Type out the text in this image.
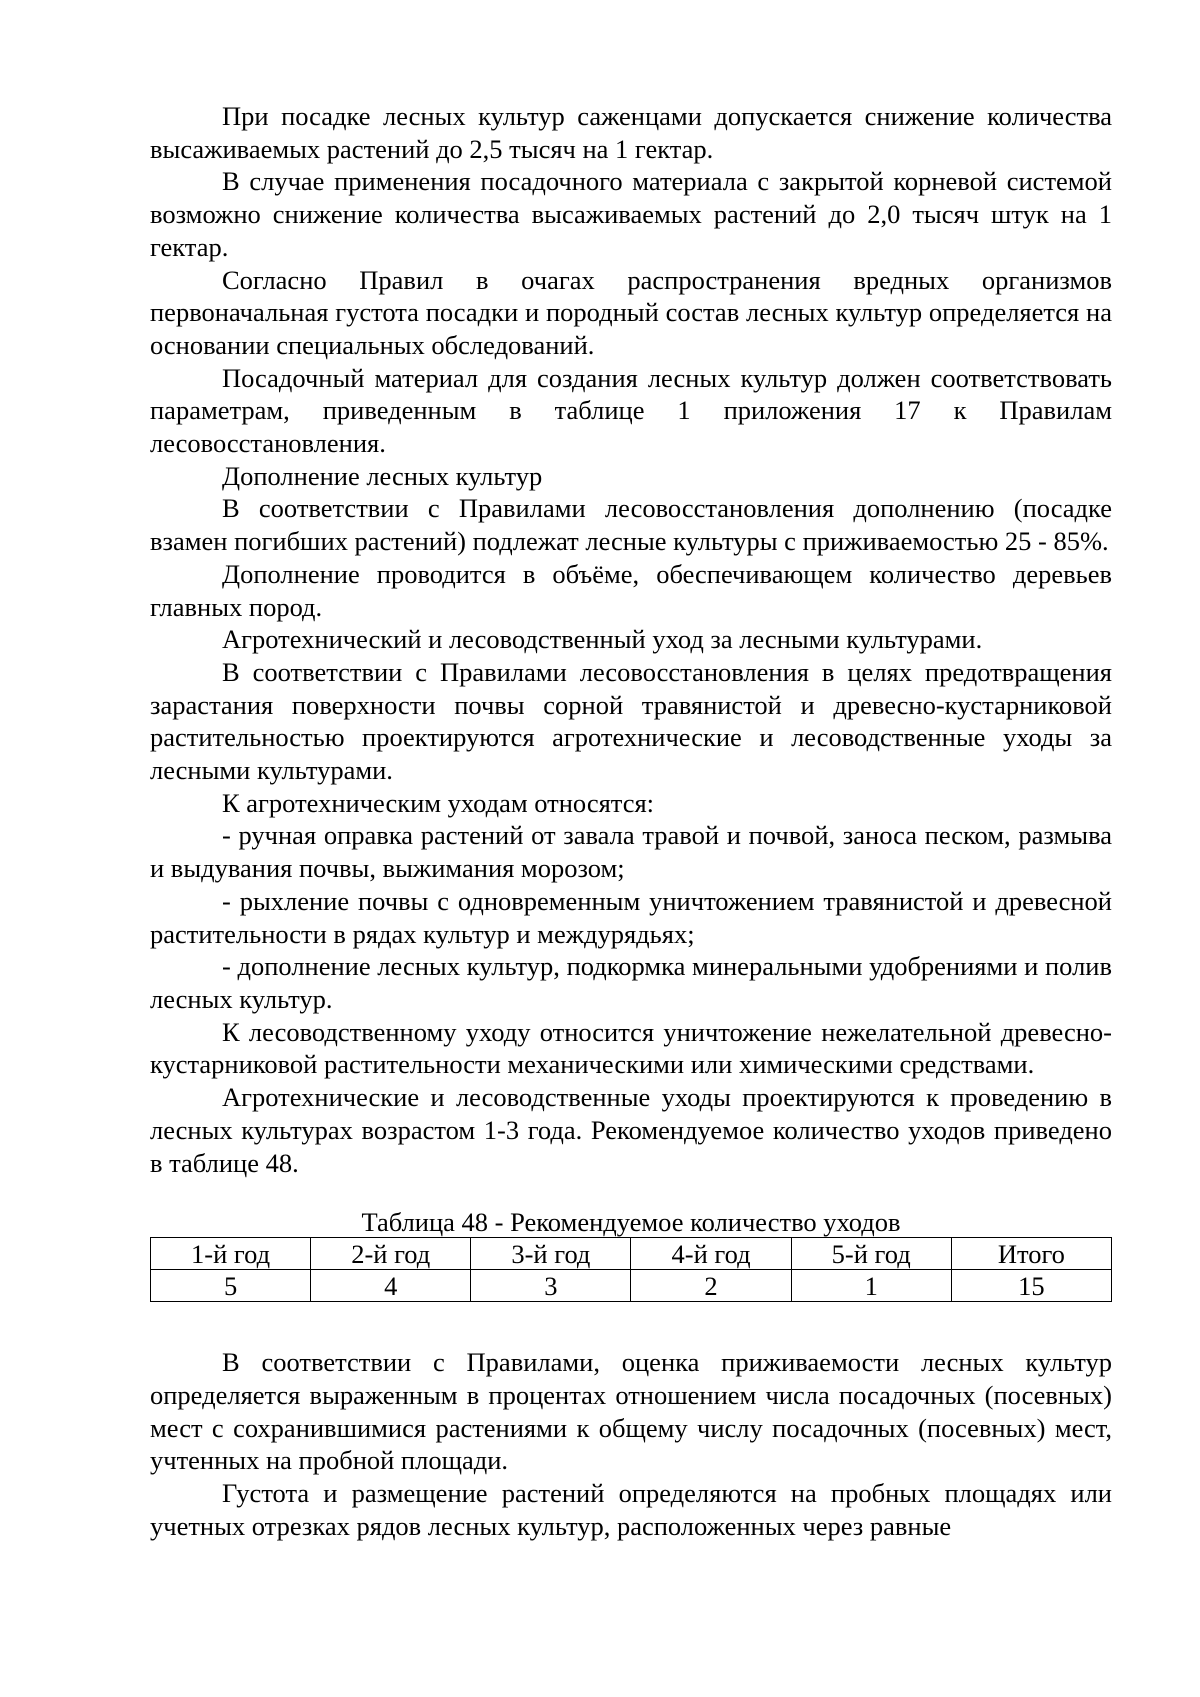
При посадке лесных культур саженцами допускается снижение количества высаживаемых растений до 2,5 тысяч на 1 гектар.

В случае применения посадочного материала с закрытой корневой системой возможно снижение количества высаживаемых растений до 2,0 тысяч штук на 1 гектар.

Согласно Правил в очагах распространения вредных организмов первоначальная густота посадки и породный состав лесных культур определяется на основании специальных обследований.

Посадочный материал для создания лесных культур должен соответствовать параметрам, приведенным в таблице 1 приложения 17 к Правилам лесовосстановления.

Дополнение лесных культур

В соответствии с Правилами лесовосстановления дополнению (посадке взамен погибших растений) подлежат лесные культуры с приживаемостью 25 - 85%.

Дополнение проводится в объёме, обеспечивающем количество деревьев главных пород.

Агротехнический и лесоводственный уход за лесными культурами.

В соответствии с Правилами лесовосстановления в целях предотвращения зарастания поверхности почвы сорной травянистой и древесно-кустарниковой растительностью проектируются агротехнические и лесоводственные уходы за лесными культурами.

К агротехническим уходам относятся:

- ручная оправка растений от завала травой и почвой, заноса песком, размыва и выдувания почвы, выжимания морозом;

- рыхление почвы с одновременным уничтожением травянистой и древесной растительности в рядах культур и междурядьях;

- дополнение лесных культур, подкормка минеральными удобрениями и полив лесных культур.

К лесоводственному уходу относится уничтожение нежелательной древесно-кустарниковой растительности механическими или химическими средствами.

Агротехнические и лесоводственные уходы проектируются к проведению в лесных культурах возрастом 1-3 года. Рекомендуемое количество уходов приведено в таблице 48.

Таблица 48 - Рекомендуемое количество уходов
1-й год	2-й год	3-й год	4-й год	5-й год	Итого
5	4	3	2	1	15

В соответствии с Правилами, оценка приживаемости лесных культур определяется выраженным в процентах отношением числа посадочных (посевных) мест с сохранившимися растениями к общему числу посадочных (посевных) мест, учтенных на пробной площади.

Густота и размещение растений определяются на пробных площадях или учетных отрезках рядов лесных культур, расположенных через равные
